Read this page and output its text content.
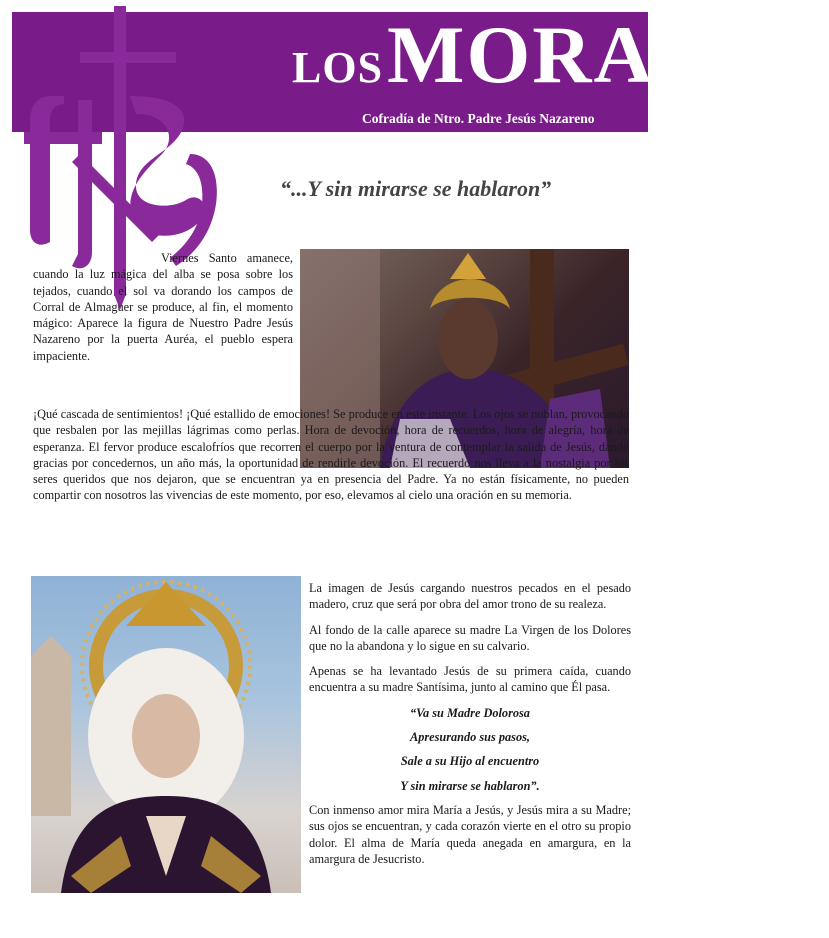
LOS MORADOS
Cofradía de Ntro. Padre Jesús Nazareno
“...Y sin mirarse se hablaron”

Viernes Santo amanece, cuando la luz mágica del alba se posa sobre los tejados, cuando el sol va dorando los campos de Corral de Almaguer se produce, al fin, el momento mágico: Aparece la figura de Nuestro Padre Jesús Nazareno por la puerta Auréa, el pueblo espera impaciente.

¡Qué cascada de sentimientos! ¡Qué estallido de emociones! Se produce en este instante. Los ojos se nublan, provocando que resbalen por las mejillas lágrimas como perlas. Hora de devoción, hora de recuerdos, hora de alegría, hora de esperanza. El fervor produce escalofríos que recorren el cuerpo por la ventura de contemplar la salida de Jesús, dando gracias por concedernos, un año más, la oportunidad de rendirle devoción. El recuerdo nos lleva a la nostalgia por los seres queridos que nos dejaron, que se encuentran ya en presencia del Padre. Ya no están físicamente, no pueden compartir con nosotros las vivencias de este momento, por eso, elevamos al cielo una oración en su memoria.

La imagen de Jesús cargando nuestros pecados en el pesado madero, cruz que será por obra del amor trono de su realeza.

Al fondo de la calle aparece su madre La Virgen de los Dolores que no la abandona y lo sigue en su calvario.

Apenas se ha levantado Jesús de su primera caída, cuando encuentra a su madre Santísima, junto al camino que Él pasa.

“Va su Madre Dolorosa

Apresurando sus pasos,

Sale a su Hijo al encuentro

Y sin mirarse se hablaron”.

Con inmenso amor mira María a Jesús, y Jesús mira a su Madre; sus ojos se encuentran, y cada corazón vierte en el otro su propio dolor. El alma de María queda anegada en amargura, en la amargura de Jesucristo.
